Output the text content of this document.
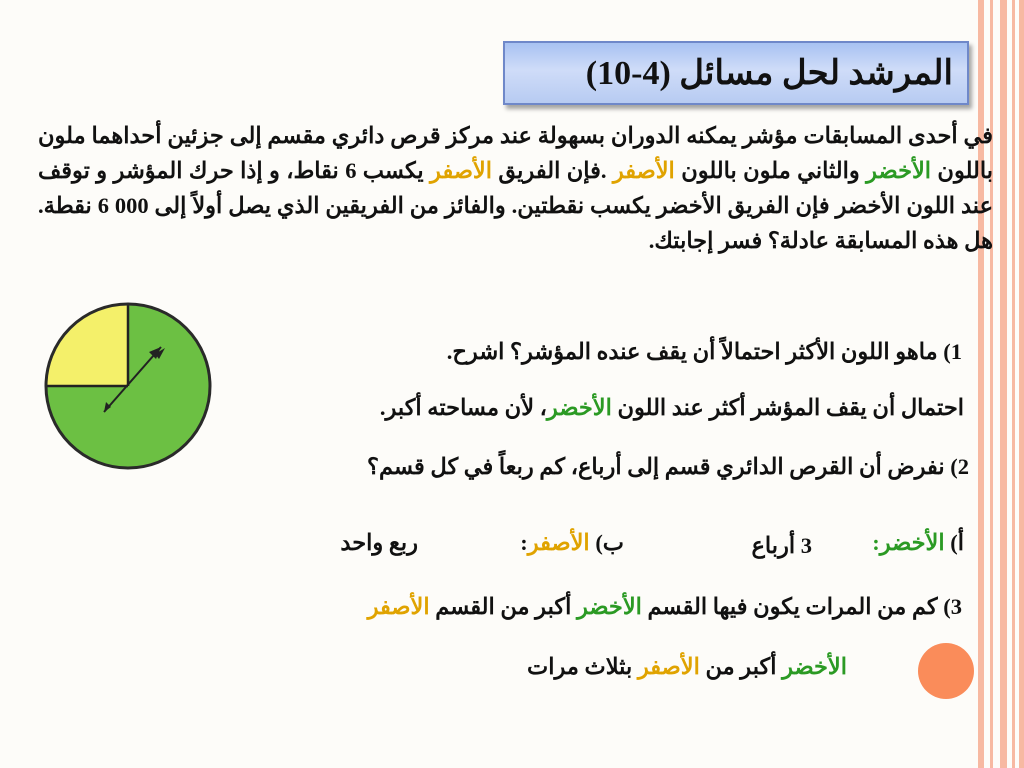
المرشد لحل مسائل (4-10)
في أحدى المسابقات مؤشر يمكنه الدوران بسهولة عند مركز قرص دائري مقسم إلى جزئين أحداهما ملون باللون الأخضر والثاني ملون باللون الأصفر .فإن الفريق الأصفر يكسب 6 نقاط، و إذا حرك المؤشر و توقف عند اللون الأخضر فإن الفريق الأخضر يكسب نقطتين. والفائز من الفريقين الذي يصل أولاً إلى 000 6 نقطة. هل هذه المسابقة عادلة؟ فسر إجابتك.
1) ماهو اللون الأكثر احتمالاً أن يقف عنده المؤشر؟ اشرح.
احتمال أن يقف المؤشر أكثر عند اللون الأخضر، لأن مساحته أكبر.
2) نفرض أن القرص الدائري قسم إلى أرباع، كم ربعاً في كل قسم؟
أ) الأخضر:
3 أرباع
ب) الأصفر:
ربع واحد
3) كم من المرات يكون فيها القسم الأخضر أكبر من القسم الأصفر
الأخضر أكبر من الأصفر بثلاث مرات
